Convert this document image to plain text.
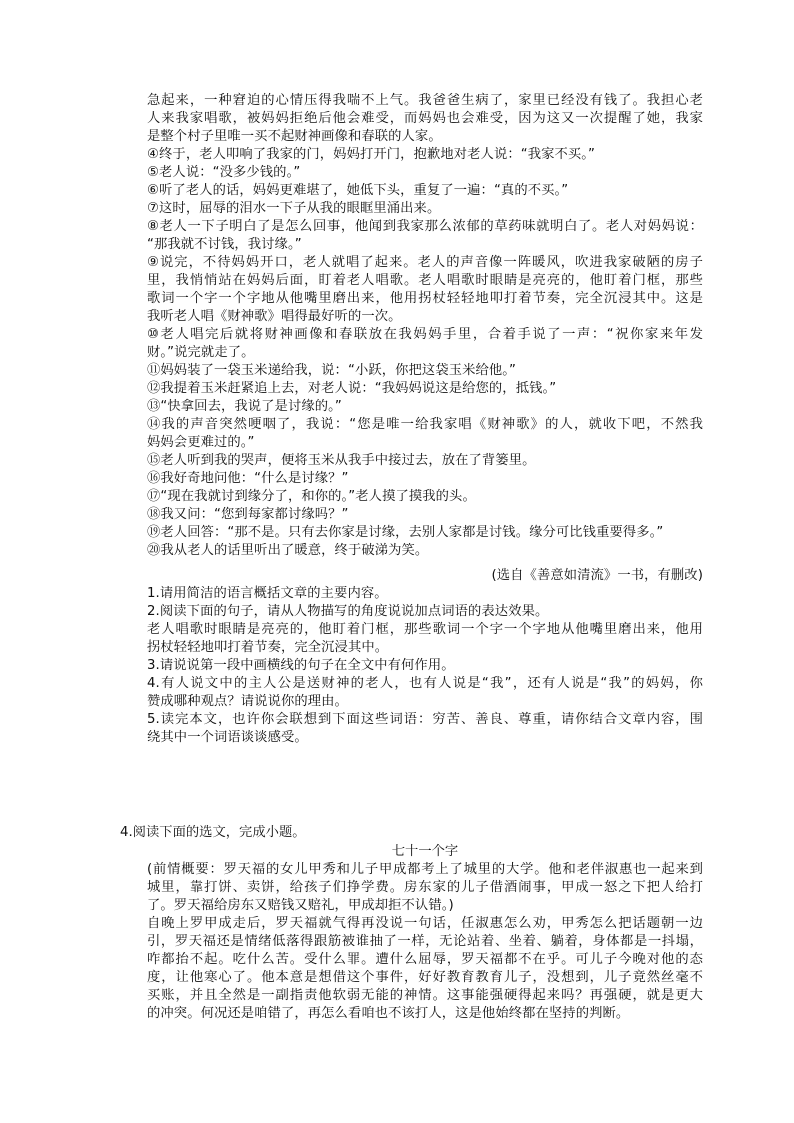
急起来，一种窘迫的心情压得我喘不上气。我爸爸生病了，家里已经没有钱了。我担心老
人来我家唱歌，被妈妈拒绝后他会难受，而妈妈也会难受，因为这又一次提醒了她，我家
是整个村子里唯一买不起财神画像和春联的人家。
④终于，老人叩响了我家的门，妈妈打开门，抱歉地对老人说：“我家不买。”
⑤老人说：“没多少钱的。”
⑥听了老人的话，妈妈更难堪了，她低下头，重复了一遍：“真的不买。”
⑦这时，屈辱的泪水一下子从我的眼眶里涌出来。
⑧老人一下子明白了是怎么回事，他闻到我家那么浓郁的草药味就明白了。老人对妈妈说：
“那我就不讨钱，我讨缘。”
⑨说完，不待妈妈开口，老人就唱了起来。老人的声音像一阵暖风，吹进我家破陋的房子
里，我悄悄站在妈妈后面，盯着老人唱歌。老人唱歌时眼睛是亮亮的，他盯着门框，那些
歌词一个字一个字地从他嘴里磨出来，他用拐杖轻轻地叩打着节奏，完全沉浸其中。这是
我听老人唱《财神歌》唱得最好听的一次。
⑩老人唱完后就将财神画像和春联放在我妈妈手里，合着手说了一声：“祝你家来年发
财。”说完就走了。
⑪妈妈装了一袋玉米递给我，说：“小跃，你把这袋玉米给他。”
⑫我提着玉米赶紧追上去，对老人说：“我妈妈说这是给您的，抵钱。”
⑬“快拿回去，我说了是讨缘的。”
⑭我的声音突然哽咽了，我说：“您是唯一给我家唱《财神歌》的人，就收下吧，不然我
妈妈会更难过的。”
⑮老人听到我的哭声，便将玉米从我手中接过去，放在了背篓里。
⑯我好奇地问他：“什么是讨缘？”
⑰“现在我就讨到缘分了，和你的。”老人摸了摸我的头。
⑱我又问：“您到每家都讨缘吗？”
⑲老人回答：“那不是。只有去你家是讨缘，去别人家都是讨钱。缘分可比钱重要得多。”
⑳我从老人的话里听出了暖意，终于破涕为笑。
(选自《善意如清流》一书，有删改)
1.请用简洁的语言概括文章的主要内容。
2.阅读下面的句子，请从人物描写的角度说说加点词语的表达效果。
老人唱歌时眼睛是亮亮的，他盯着门框，那些歌词一个字一个字地从他嘴里磨出来，他用
拐杖轻轻地叩打着节奏，完全沉浸其中。
3.请说说第一段中画横线的句子在全文中有何作用。
4.有人说文中的主人公是送财神的老人，也有人说是“我”，还有人说是“我”的妈妈，你
赞成哪种观点？请说说你的理由。
5.读完本文，也许你会联想到下面这些词语：穷苦、善良、尊重，请你结合文章内容，围
绕其中一个词语谈谈感受。
4.阅读下面的选文，完成小题。
七十一个字
(前情概要：罗天福的女儿甲秀和儿子甲成都考上了城里的大学。他和老伴淑惠也一起来到
城里，靠打饼、卖饼，给孩子们挣学费。房东家的儿子借酒闹事，甲成一怒之下把人给打
了。罗天福给房东又赔钱又赔礼，甲成却拒不认错。)
自晚上罗甲成走后，罗天福就气得再没说一句话，任淑惠怎么劝，甲秀怎么把话题朝一边
引，罗天福还是情绪低落得跟筋被谁抽了一样，无论站着、坐着、躺着，身体都是一抖塌，
咋都抬不起。吃什么苦。受什么罪。遭什么屈辱，罗天福都不在乎。可儿子今晚对他的态
度，让他寒心了。他本意是想借这个事件，好好教育教育儿子，没想到，儿子竟然丝毫不
买账，并且全然是一副指责他软弱无能的神情。这事能强硬得起来吗？再强硬，就是更大
的冲突。何况还是咱错了，再怎么看咱也不该打人，这是他始终都在坚持的判断。
